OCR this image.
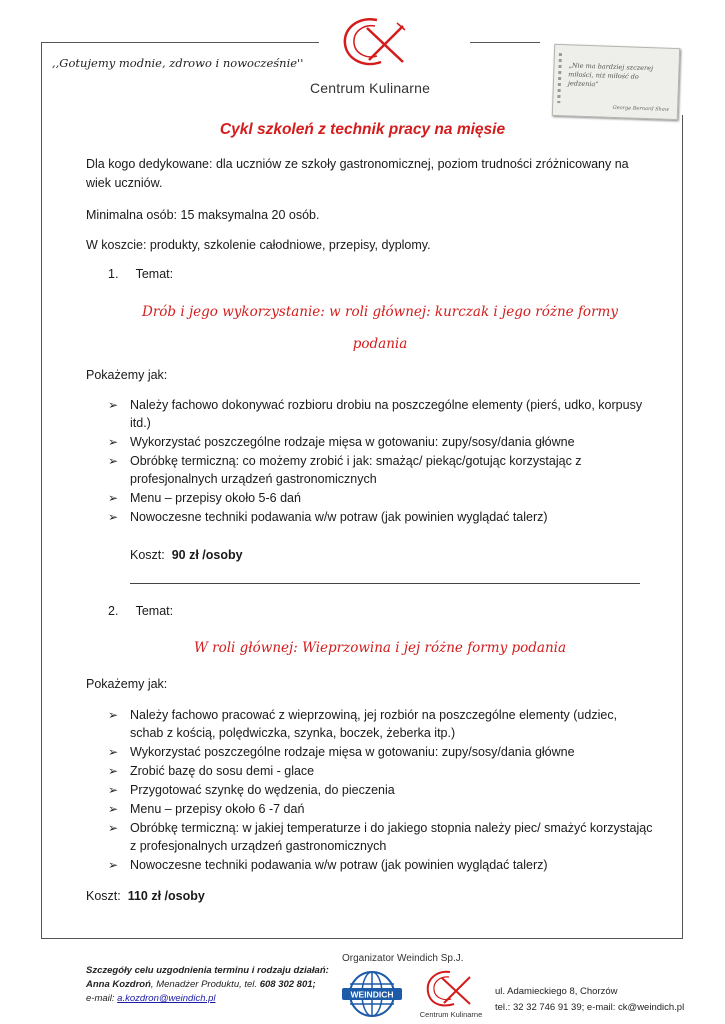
,,Gotujemy modnie, zdrowo i nowocześnie''
Centrum Kulinarne
„Nie ma bardziej szczerej miłości, niż miłość do jedzenia”
George Bernard Shaw
Cykl szkoleń z technik pracy na mięsie
Dla kogo dedykowane: dla uczniów ze szkoły gastronomicznej, poziom trudności zróżnicowany na
wiek uczniów.
Minimalna osób: 15 maksymalna 20 osób.
W koszcie: produkty, szkolenie całodniowe, przepisy, dyplomy.
1. Temat:
Drób i jego wykorzystanie: w roli głównej: kurczak i jego różne formy
podania
Pokażemy jak:
➢ Należy fachowo dokonywać rozbioru drobiu na poszczególne elementy (pierś, udko, korpusy itd.)
➢ Wykorzystać poszczególne rodzaje mięsa w gotowaniu: zupy/sosy/dania główne
➢ Obróbkę termiczną: co możemy zrobić i jak: smażąc/ piekąc/gotując korzystając z profesjonalnych urządzeń gastronomicznych
➢ Menu – przepisy około 5-6 dań
➢ Nowoczesne techniki podawania w/w potraw (jak powinien wyglądać talerz)
Koszt: 90 zł /osoby
2. Temat:
W roli głównej: Wieprzowina i jej różne formy podania
Pokażemy jak:
➢ Należy fachowo pracować z wieprzowiną, jej rozbiór na poszczególne elementy (udziec, schab z kością, polędwiczka, szynka, boczek, żeberka itp.)
➢ Wykorzystać poszczególne rodzaje mięsa w gotowaniu: zupy/sosy/dania główne
➢ Zrobić bazę do sosu demi - glace
➢ Przygotować szynkę do wędzenia, do pieczenia
➢ Menu – przepisy około 6 -7 dań
➢ Obróbkę termiczną: w jakiej temperaturze i do jakiego stopnia należy piec/ smażyć korzystając z profesjonalnych urządzeń gastronomicznych
➢ Nowoczesne techniki podawania w/w potraw (jak powinien wyglądać talerz)
Koszt: 110 zł /osoby
Szczegóły celu uzgodnienia terminu i rodzaju działań:
Anna Kozdroń, Menadżer Produktu, tel. 608 302 801;
e-mail: a.kozdron@weindich.pl
Organizator Weindich Sp.J.
WEINDICH
Centrum Kulinarne
ul. Adamieckiego 8, Chorzów
tel.: 32 32 746 91 39; e-mail: ck@weindich.pl
